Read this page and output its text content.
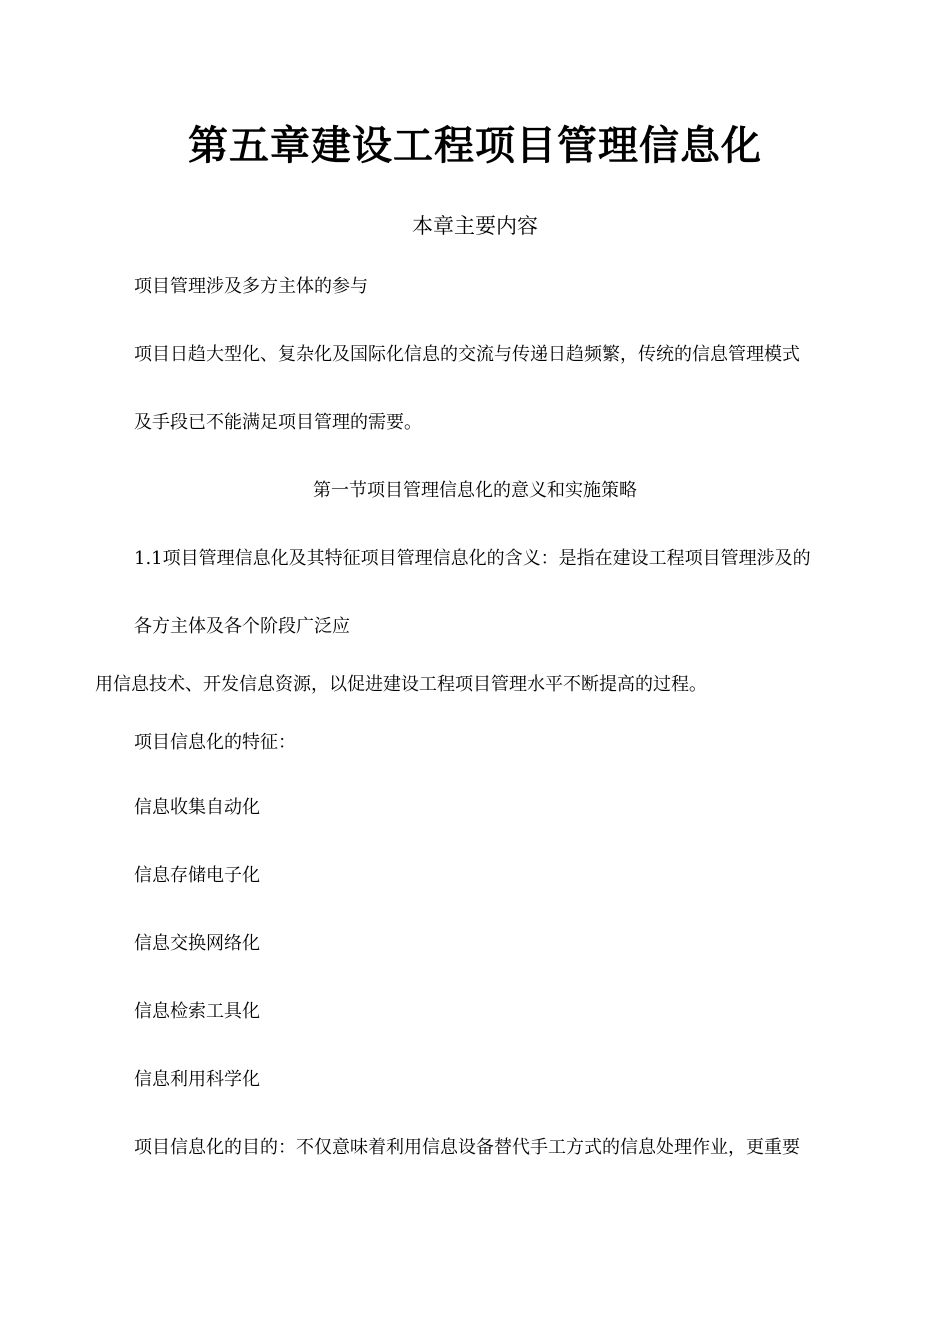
第五章建设工程项目管理信息化
本章主要内容
项目管理涉及多方主体的参与
项目日趋大型化、复杂化及国际化信息的交流与传递日趋频繁，传统的信息管理模式
及手段已不能满足项目管理的需要。
第一节项目管理信息化的意义和实施策略
1.1项目管理信息化及其特征项目管理信息化的含义：是指在建设工程项目管理涉及的
各方主体及各个阶段广泛应
用信息技术、开发信息资源，以促进建设工程项目管理水平不断提高的过程。
项目信息化的特征：
信息收集自动化
信息存储电子化
信息交换网络化
信息检索工具化
信息利用科学化
项目信息化的目的：不仅意味着利用信息设备替代手工方式的信息处理作业，更重要
